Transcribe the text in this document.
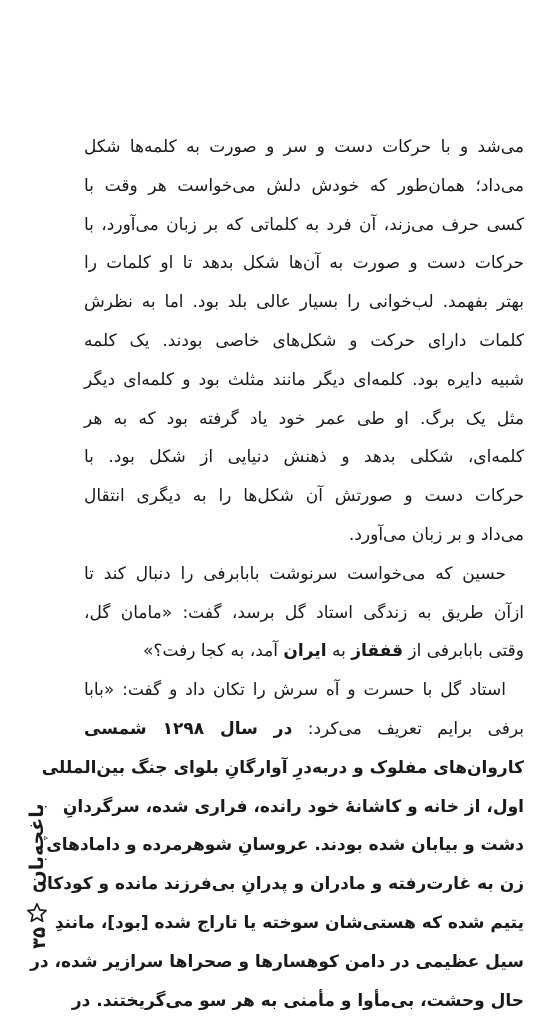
می‌شد و با حرکات دست و سر و صورت به کلمه‌ها شکل
می‌داد؛ همان‌طور که خودش دلش می‌خواست هر وقت با
کسی حرف می‌زند، آن فرد به کلماتی که بر زبان می‌آورد، با
حرکات دست و صورت به آن‌ها شکل بدهد تا او کلمات را
بهتر بفهمد. لب‌خوانی را بسیار عالی بلد بود. اما به نظرش
کلمات دارای حرکت و شکل‌های خاصی بودند. یک کلمه
شبیه دایره بود. کلمه‌ای دیگر مانند مثلث بود و کلمه‌ای دیگر
مثل یک برگ. او طی عمر خود یاد گرفته بود که به هر
کلمه‌ای، شکلی بدهد و ذهنش دنیایی از شکل بود. با
حرکات دست و صورتش آن شکل‌ها را به دیگری انتقال
می‌داد و بر زبان می‌آورد.
حسین که می‌خواست سرنوشت بابابرفی را دنبال کند تا
ازآن طریق به زندگی استاد گل برسد، گفت: «مامان گل،
وقتی بابابرفی از قفقاز به ایران آمد، به کجا رفت؟»
استاد گل با حسرت و آه سرش را تکان داد و گفت: «بابا
برفی برایم تعریف می‌کرد: در سال ۱۲۹۸ شمسی
کاروان‌های مفلوک و دربه‌درِ آوارگانِ بلوای جنگ بین‌المللی
اول، از خانه و کاشانهٔ خود رانده، فراری شده، سرگردانِ
دشت و بیابان شده بودند. عروسانِ شوهرمرده و دامادهای
زن به غارت‌رفته و مادران و پدرانِ بی‌فرزند مانده و کودکان
یتیم شده که هستی‌شان سوخته یا تاراج شده [بود]، مانندِ
سیل عظیمی در دامن کوهسارها و صحراها سرازیر شده، در
حال وحشت، بی‌مأوا و مأمنی به هر سو می‌گریختند. در
باغچه‌بان
۳۵
